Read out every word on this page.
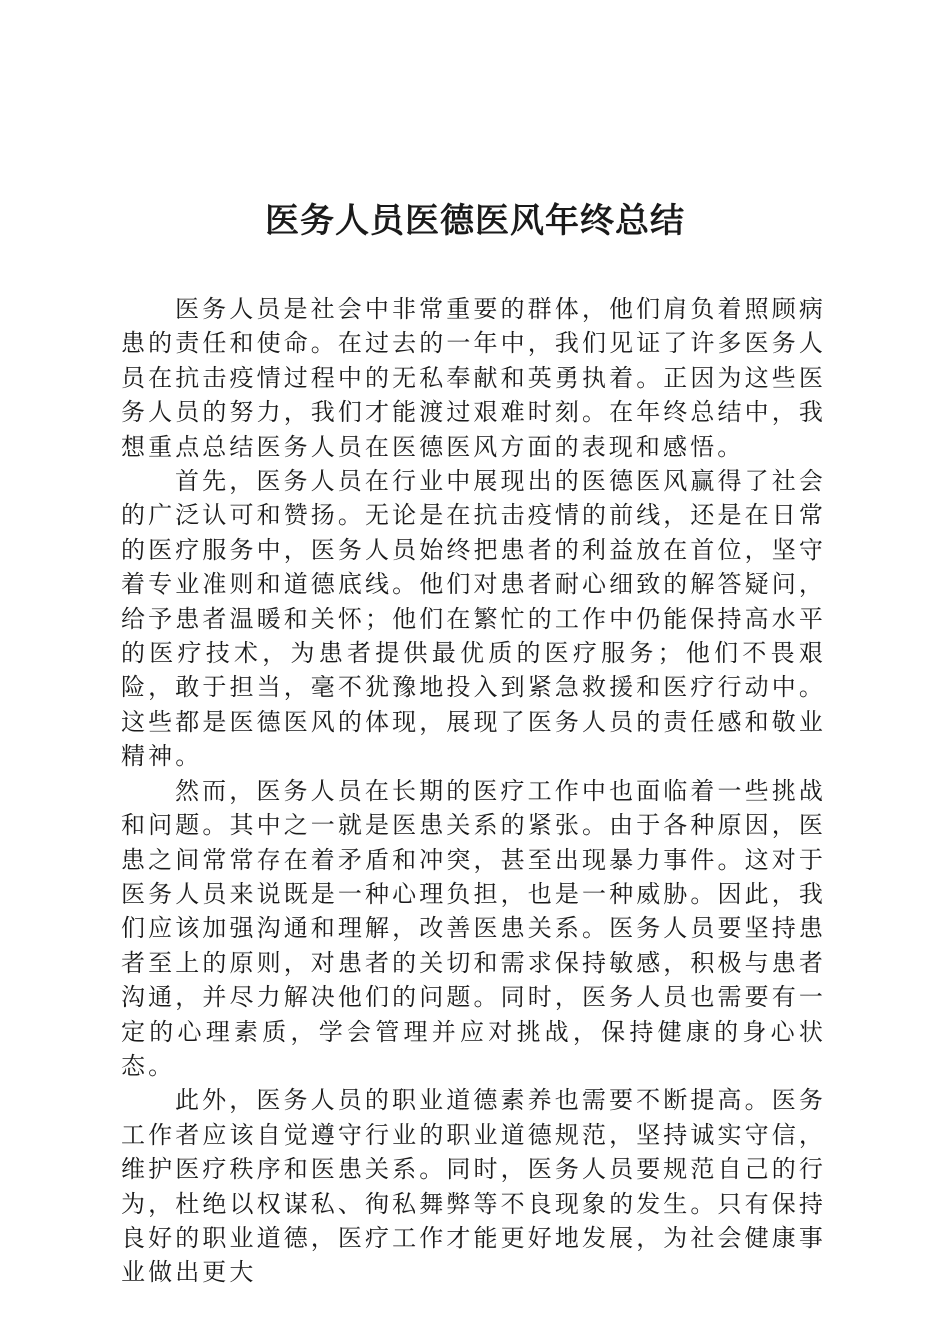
医务人员医德医风年终总结

医务人员是社会中非常重要的群体，他们肩负着照顾病患的责任和使命。在过去的一年中，我们见证了许多医务人员在抗击疫情过程中的无私奉献和英勇执着。正因为这些医务人员的努力，我们才能渡过艰难时刻。在年终总结中，我想重点总结医务人员在医德医风方面的表现和感悟。

首先，医务人员在行业中展现出的医德医风赢得了社会的广泛认可和赞扬。无论是在抗击疫情的前线，还是在日常的医疗服务中，医务人员始终把患者的利益放在首位，坚守着专业准则和道德底线。他们对患者耐心细致的解答疑问，给予患者温暖和关怀；他们在繁忙的工作中仍能保持高水平的医疗技术，为患者提供最优质的医疗服务；他们不畏艰险，敢于担当，毫不犹豫地投入到紧急救援和医疗行动中。这些都是医德医风的体现，展现了医务人员的责任感和敬业精神。

然而，医务人员在长期的医疗工作中也面临着一些挑战和问题。其中之一就是医患关系的紧张。由于各种原因，医患之间常常存在着矛盾和冲突，甚至出现暴力事件。这对于医务人员来说既是一种心理负担，也是一种威胁。因此，我们应该加强沟通和理解，改善医患关系。医务人员要坚持患者至上的原则，对患者的关切和需求保持敏感，积极与患者沟通，并尽力解决他们的问题。同时，医务人员也需要有一定的心理素质，学会管理并应对挑战，保持健康的身心状态。

此外，医务人员的职业道德素养也需要不断提高。医务工作者应该自觉遵守行业的职业道德规范，坚持诚实守信，维护医疗秩序和医患关系。同时，医务人员要规范自己的行为，杜绝以权谋私、徇私舞弊等不良现象的发生。只有保持良好的职业道德，医疗工作才能更好地发展，为社会健康事业做出更大
